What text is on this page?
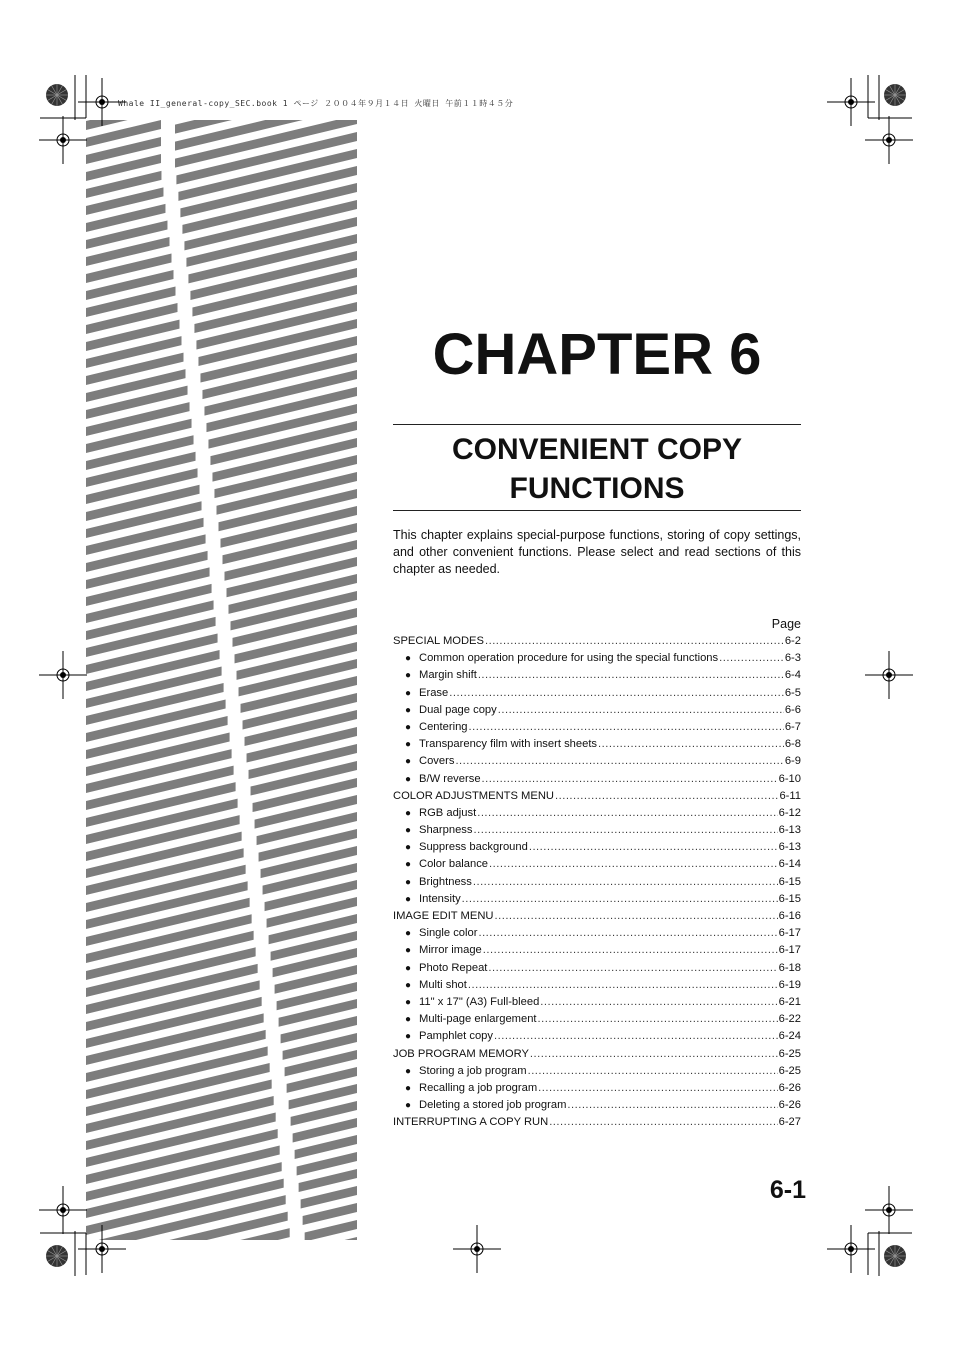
Whale II_general-copy_SEC.book 1 ページ ２００４年９月１４日 火曜日 午前１１時４５分
CHAPTER 6
CONVENIENT COPY
FUNCTIONS

This chapter explains special-purpose functions, storing of copy settings, and other convenient functions. Please select and read sections of this chapter as needed.

Page
SPECIAL MODES .....	6-2
● Common operation procedure for using the special functions .....	6-3
● Margin shift .....	6-4
● Erase .....	6-5
● Dual page copy .....	6-6
● Centering .....	6-7
● Transparency film with insert sheets .....	6-8
● Covers .....	6-9
● B/W reverse .....	6-10
COLOR ADJUSTMENTS MENU .....	6-11
● RGB adjust .....	6-12
● Sharpness .....	6-13
● Suppress background .....	6-13
● Color balance .....	6-14
● Brightness .....	6-15
● Intensity .....	6-15
IMAGE EDIT MENU .....	6-16
● Single color .....	6-17
● Mirror image .....	6-17
● Photo Repeat .....	6-18
● Multi shot .....	6-19
● 11" x 17" (A3) Full-bleed .....	6-21
● Multi-page enlargement .....	6-22
● Pamphlet copy .....	6-24
JOB PROGRAM MEMORY .....	6-25
● Storing a job program .....	6-25
● Recalling a job program .....	6-26
● Deleting a stored job program .....	6-26
INTERRUPTING A COPY RUN .....	6-27
6-1
